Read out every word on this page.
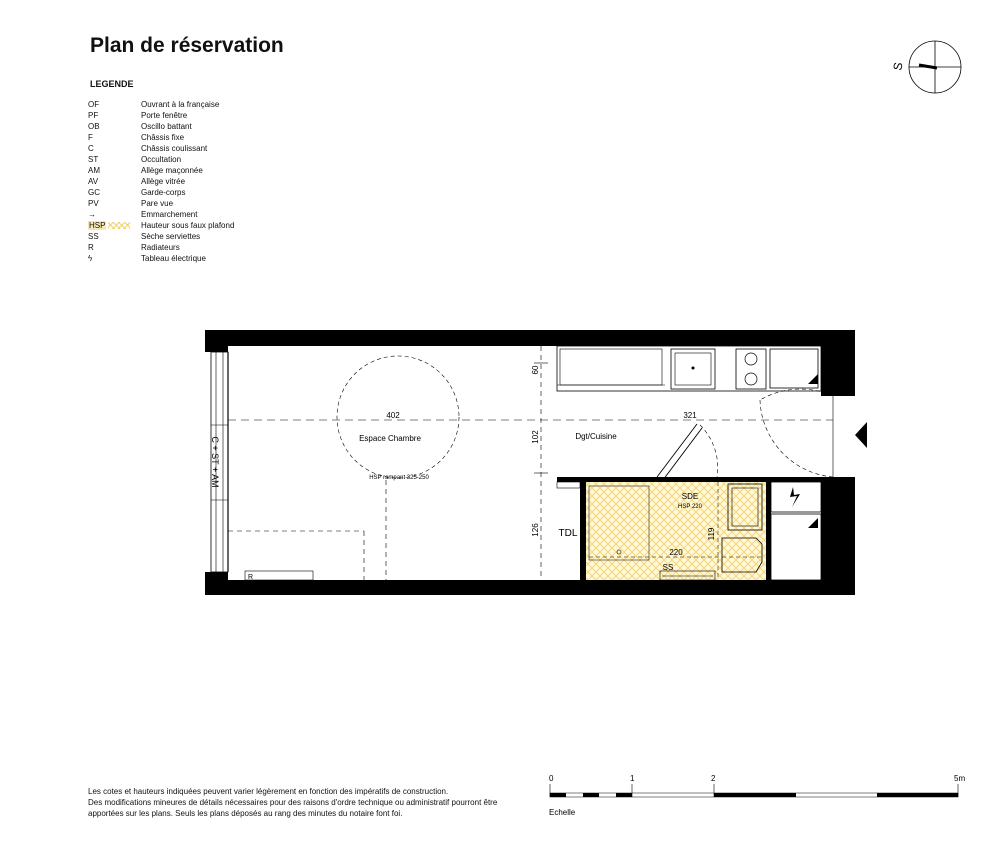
Plan de réservation
LEGENDE
OF	Ouvrant à la française
PF	Porte fenêtre
OB	Oscillo battant
F	Châssis fixe
C	Châssis coulissant
ST	Occultation
AM	Allège maçonnée
AV	Allège vitrée
GC	Garde-corps
PV	Pare vue
→	Emmarchement
HSP	Hauteur sous faux plafond
SS	Sèche serviettes
R	Radiateurs
ϟ	Tableau électrique
S
C + ST + AM
R
Espace Chambre
HSP rampant 325-250
Dgt/Cuisine
SDE
HSP 220
TDL
SS
402	321
60
102
126
220
119

Les cotes et hauteurs indiquées peuvent varier légèrement en fonction des impératifs de construction.

Des modifications mineures de détails nécessaires pour des raisons d'ordre technique ou administratif pourront être

apportées sur les plans. Seuls les plans déposés au rang des minutes du notaire font foi.

0	1	2	5m
Echelle
